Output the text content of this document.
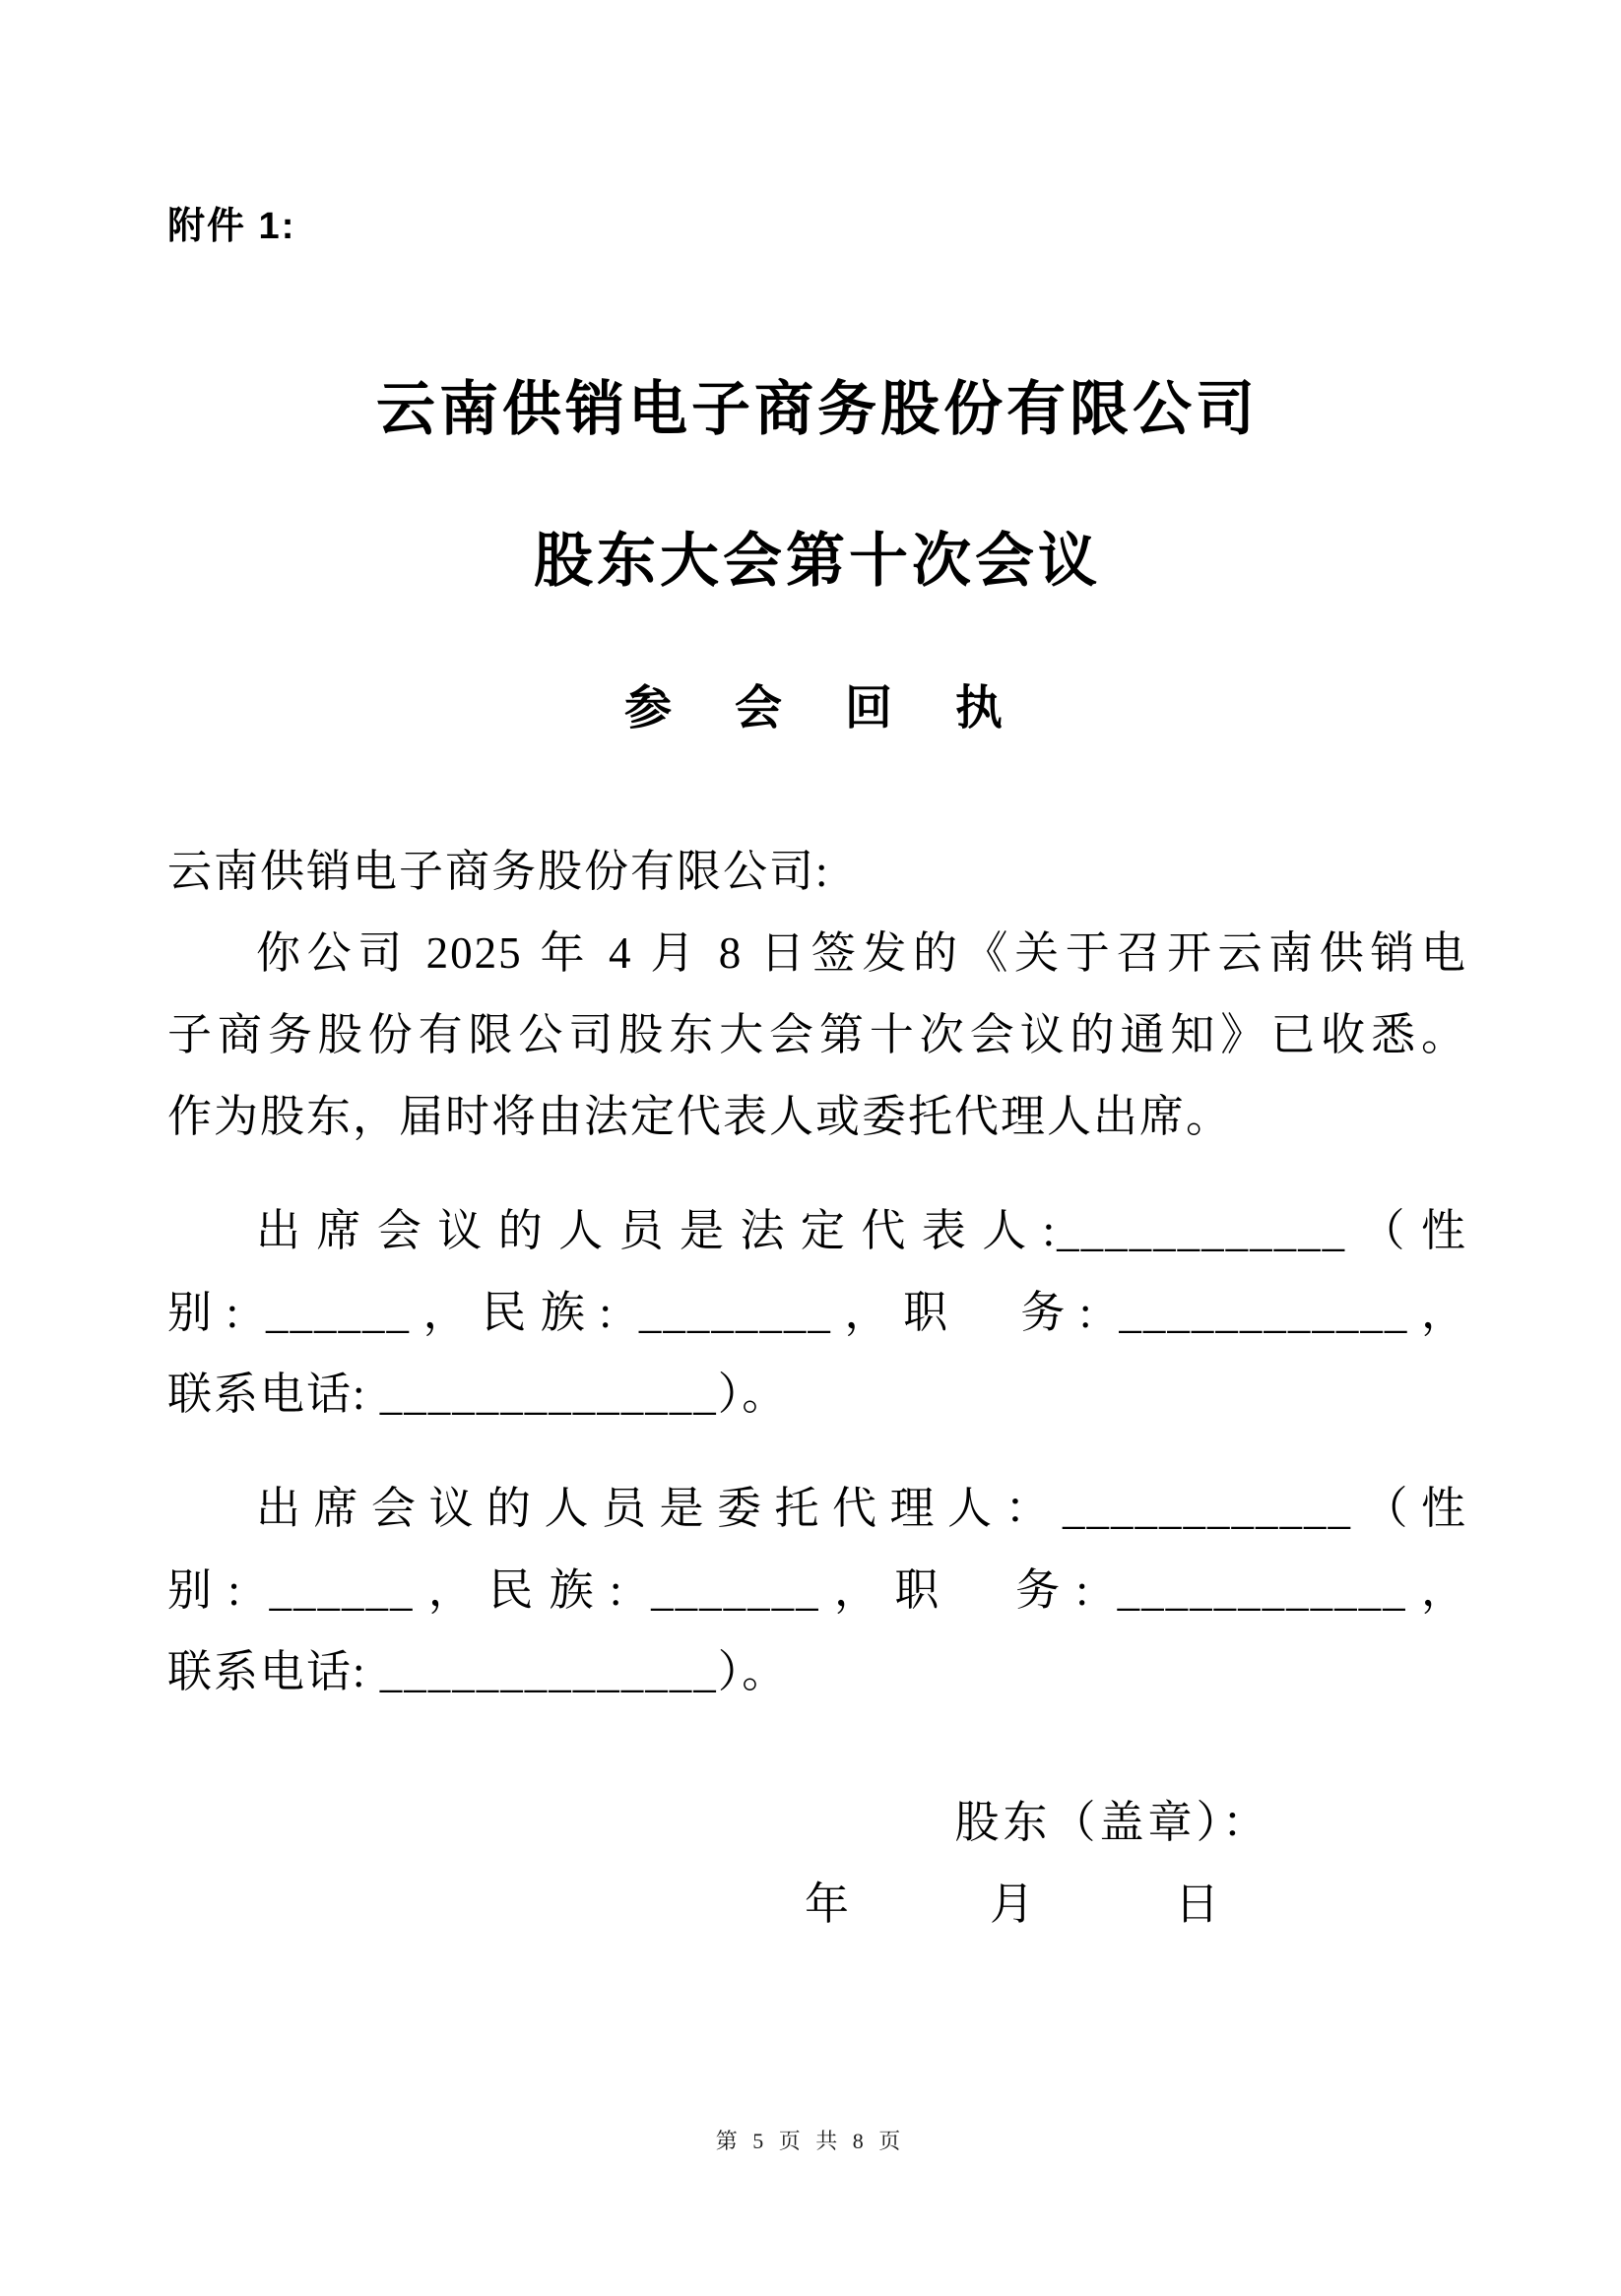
附件 1:
云南供销电子商务股份有限公司
股东大会第十次会议
参　会　回　执
云南供销电子商务股份有限公司:
你公司 2025 年 4 月 8 日签发的《关于召开云南供销电
子商务股份有限公司股东大会第十次会议的通知》已收悉。
作为股东，届时将由法定代表人或委托代理人出席。
出席会议的人员是法定代表人:____________（性
别: ______，民族: ________，职　务: ____________，
联系电话: ______________）。
出席会议的人员是委托代理人：____________（性
别: ______，民族: _______，职　务: ____________，
联系电话: ______________）。
股东（盖章）：
年　　　月　　　日
第 5 页 共 8 页
